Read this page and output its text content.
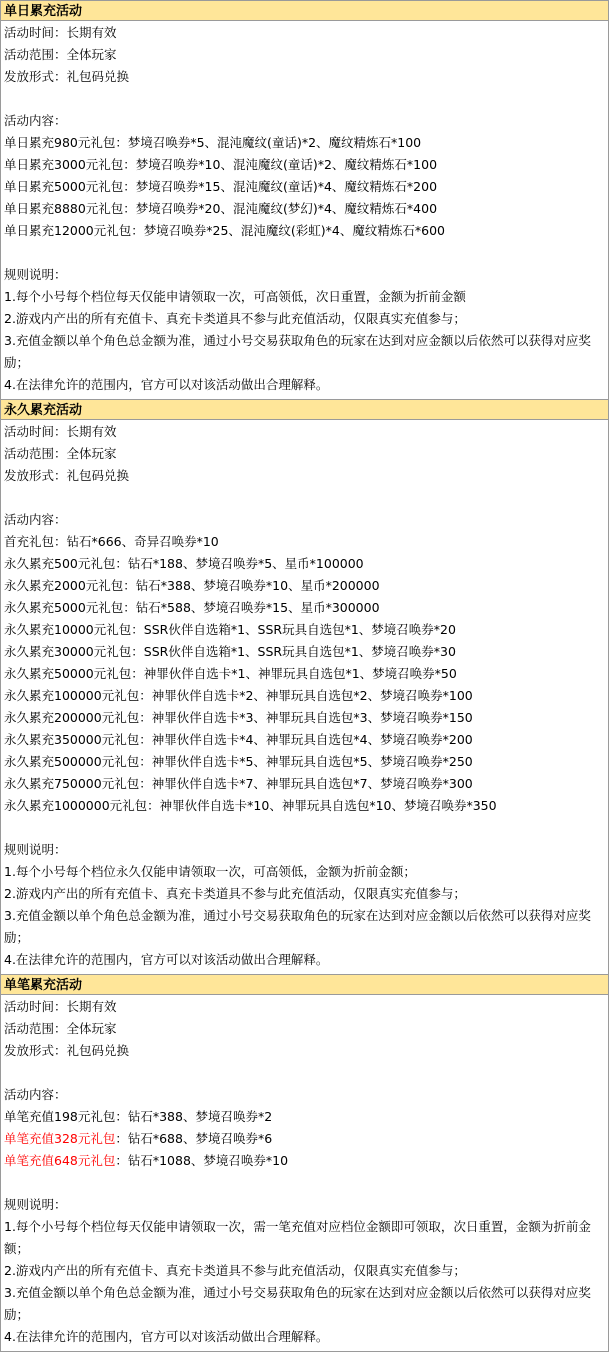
单日累充活动
活动时间：长期有效
活动范围：全体玩家
发放形式：礼包码兑换
活动内容：
单日累充980元礼包：梦境召唤券*5、混沌魔纹(童话)*2、魔纹精炼石*100
单日累充3000元礼包：梦境召唤券*10、混沌魔纹(童话)*2、魔纹精炼石*100
单日累充5000元礼包：梦境召唤券*15、混沌魔纹(童话)*4、魔纹精炼石*200
单日累充8880元礼包：梦境召唤券*20、混沌魔纹(梦幻)*4、魔纹精炼石*400
单日累充12000元礼包：梦境召唤券*25、混沌魔纹(彩虹)*4、魔纹精炼石*600
规则说明：
1.每个小号每个档位每天仅能申请领取一次，可高领低，次日重置，金额为折前金额
2.游戏内产出的所有充值卡、真充卡类道具不参与此充值活动，仅限真实充值参与；
3.充值金额以单个角色总金额为准，通过小号交易获取角色的玩家在达到对应金额以后依然可以获得对应奖励；
4.在法律允许的范围内，官方可以对该活动做出合理解释。
永久累充活动
活动时间：长期有效
活动范围：全体玩家
发放形式：礼包码兑换
活动内容：
首充礼包：钻石*666、奇异召唤券*10
永久累充500元礼包：钻石*188、梦境召唤券*5、星币*100000
永久累充2000元礼包：钻石*388、梦境召唤券*10、星币*200000
永久累充5000元礼包：钻石*588、梦境召唤券*15、星币*300000
永久累充10000元礼包：SSR伙伴自选箱*1、SSR玩具自选包*1、梦境召唤券*20
永久累充30000元礼包：SSR伙伴自选箱*1、SSR玩具自选包*1、梦境召唤券*30
永久累充50000元礼包：神罪伙伴自选卡*1、神罪玩具自选包*1、梦境召唤券*50
永久累充100000元礼包：神罪伙伴自选卡*2、神罪玩具自选包*2、梦境召唤券*100
永久累充200000元礼包：神罪伙伴自选卡*3、神罪玩具自选包*3、梦境召唤券*150
永久累充350000元礼包：神罪伙伴自选卡*4、神罪玩具自选包*4、梦境召唤券*200
永久累充500000元礼包：神罪伙伴自选卡*5、神罪玩具自选包*5、梦境召唤券*250
永久累充750000元礼包：神罪伙伴自选卡*7、神罪玩具自选包*7、梦境召唤券*300
永久累充1000000元礼包：神罪伙伴自选卡*10、神罪玩具自选包*10、梦境召唤券*350
规则说明：
1.每个小号每个档位永久仅能申请领取一次，可高领低，金额为折前金额；
2.游戏内产出的所有充值卡、真充卡类道具不参与此充值活动，仅限真实充值参与；
3.充值金额以单个角色总金额为准，通过小号交易获取角色的玩家在达到对应金额以后依然可以获得对应奖励；
4.在法律允许的范围内，官方可以对该活动做出合理解释。
单笔累充活动
活动时间：长期有效
活动范围：全体玩家
发放形式：礼包码兑换
活动内容：
单笔充值198元礼包：钻石*388、梦境召唤券*2
单笔充值328元礼包：钻石*688、梦境召唤券*6
单笔充值648元礼包：钻石*1088、梦境召唤券*10
规则说明：
1.每个小号每个档位每天仅能申请领取一次，需一笔充值对应档位金额即可领取，次日重置，金额为折前金额；
2.游戏内产出的所有充值卡、真充卡类道具不参与此充值活动，仅限真实充值参与；
3.充值金额以单个角色总金额为准，通过小号交易获取角色的玩家在达到对应金额以后依然可以获得对应奖励；
4.在法律允许的范围内，官方可以对该活动做出合理解释。
